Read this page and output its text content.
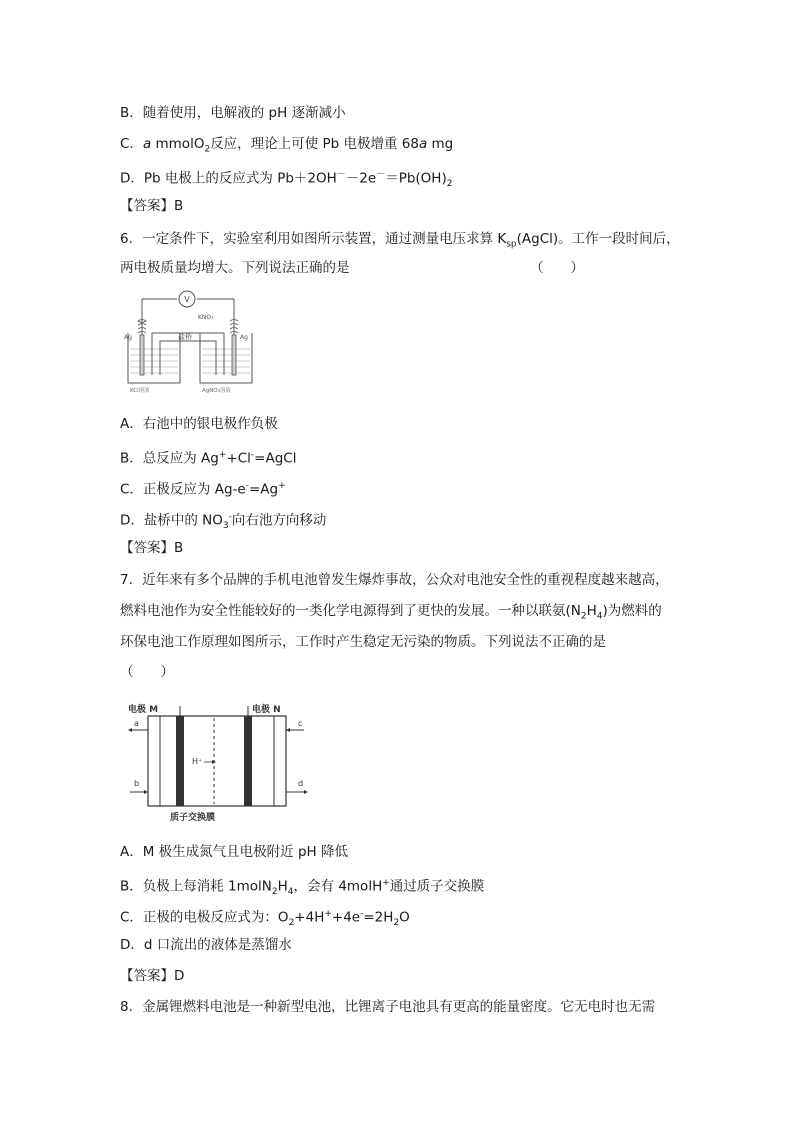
B．随着使用，电解液的 pH 逐渐减小
C．a mmolO$_2$反应，理论上可使 Pb 电极增重 68a mg
D．Pb 电极上的反应式为 $Pb+2OH^--2e^-=Pb(OH)_2$
【答案】B
6．一定条件下，实验室利用如图所示装置，通过测量电压求算 $K_{sp}(AgCl)$。工作一段时间后，
两电极质量均增大。下列说法正确的是	（　　）
V
KNO₃
Ag	Ag
盐桥
KCl溶液	AgNO₃溶液
A．右池中的银电极作负极
B．总反应为 Ag++Cl-=AgCl
C．正极反应为 Ag-e-=Ag+
D．盐桥中的 $NO_3^-$向右池方向移动
【答案】B
7．近年来有多个品牌的手机电池曾发生爆炸事故，公众对电池安全性的重视程度越来越高，
燃料电池作为安全性能较好的一类化学电源得到了更快的发展。一种以联氨$(N_2H_4)$为燃料的
环保电池工作原理如图所示，工作时产生稳定无污染的物质。下列说法不正确的是
（　　）
电极 M	电极 N
H⁺
a
b
c
d
质子交换膜
A．M 极生成氮气且电极附近 pH 降低
B．负极上每消耗 $1molN_2H_4$，会有 4molH+通过质子交换膜
C．正极的电极反应式为：$O_2+4H^++4e^-=2H_2O$
D．d 口流出的液体是蒸馏水
【答案】D
8．金属锂燃料电池是一种新型电池，比锂离子电池具有更高的能量密度。它无电时也无需
